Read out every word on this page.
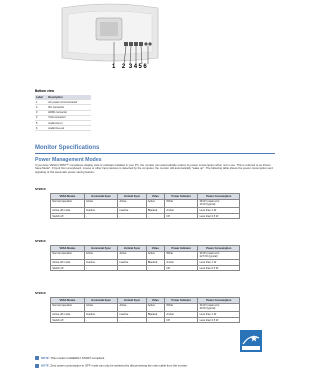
1 2 3456
Bottom view
Label	Description
1	AC power cord connector
2	DC connector
3	HDMI connector
4	VGA connector
5	Audio line-in
6	Audio line-out
Monitor Specifications
Power Management Modes
If you have VESA's DPM™ compliance display card or software installed in your PC, the monitor can automatically reduce its power consumption when not in use. This is referred to as Power Save Mode*. If input from a keyboard, mouse or other input devices is detected by the computer, the monitor will automatically "wake up". The following table shows the power consumption and signaling of this automatic power saving feature:
ST2210
VESA Modes	Horizontal Sync	Vertical Sync	Video	Power Indicator	Power Consumption
Normal operation	Active	Active	Active	White	28 W (maximum)
19 W (typical)
Active-off mode	Inactive	Inactive	Blanked	Amber	Less than 1 W
Switch off	-	-	-	Off	Less than 0.5 W
ST2310
VESA Modes	Horizontal Sync	Vertical Sync	Video	Power Indicator	Power Consumption
Normal operation	Active	Active	Active	White	30 W (maximum)
22.5 W (typical)
Active-off mode	Inactive	Inactive	Blanked	Amber	Less than 1 W
Switch off	-	-	-	Off	Less than 0.5 W
ST2410
VESA Modes	Horizontal Sync	Vertical Sync	Video	Power Indicator	Power Consumption
Normal operation	Active	Active	Active	White	40 W (maximum)
29 W (typical)
Active-off mode	Inactive	Inactive	Blanked	Amber	Less than 1 W
Switch off	-	-	-	Off	Less than 0.5 W
NOTE: This monitor is ENERGY STAR®-compliant.
NOTE: Zero power consumption in OFF mode can only be achieved by disconnecting the main cable from the monitor.
